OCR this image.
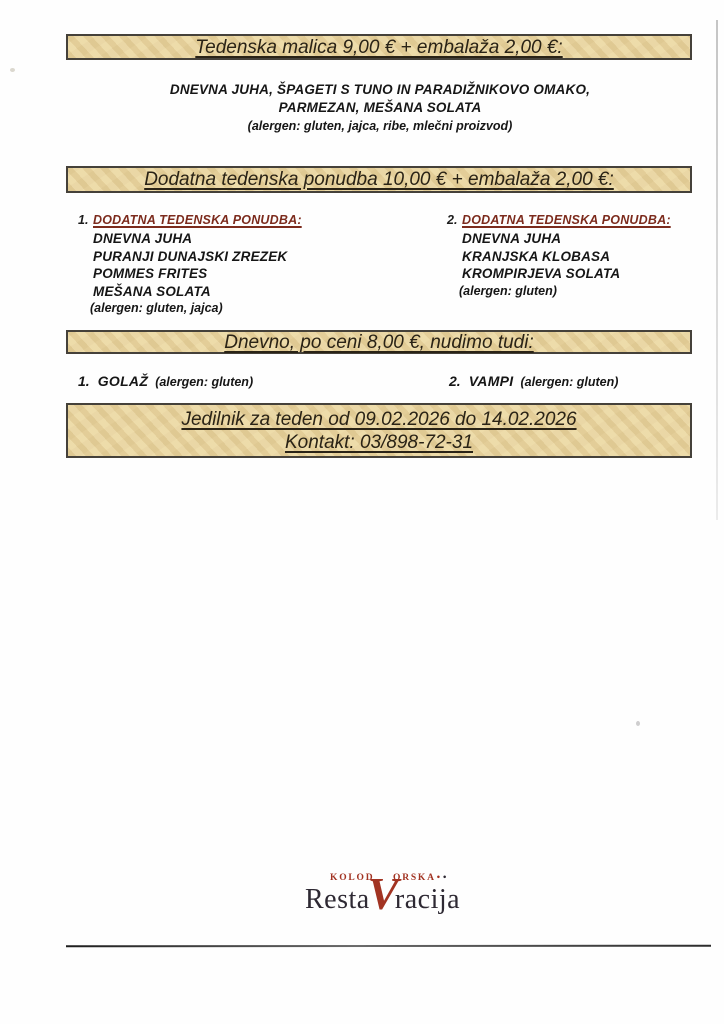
Tedenska malica 9,00 € + embalaža 2,00 €:
DNEVNA JUHA, ŠPAGETI S TUNO IN PARADIŽNIKOVO OMAKO,
PARMEZAN, MEŠANA SOLATA
(alergen: gluten, jajca, ribe, mlečni proizvod)
Dodatna tedenska ponudba 10,00 € + embalaža 2,00 €:
1. DODATNA TEDENSKA PONUDBA:
DNEVNA JUHA
PURANJI DUNAJSKI ZREZEK
POMMES FRITES
MEŠANA SOLATA
(alergen: gluten, jajca)
2. DODATNA TEDENSKA PONUDBA:
DNEVNA JUHA
KRANJSKA KLOBASA
KROMPIRJEVA SOLATA
(alergen: gluten)
Dnevno, po ceni 8,00 €, nudimo tudi:
1. GOLAŽ (alergen: gluten)	2. VAMPI (alergen: gluten)
Jedilnik za teden od 09.02.2026 do 14.02.2026
Kontakt: 03/898-72-31
KOLOD ORSKA••
RestaVracija
